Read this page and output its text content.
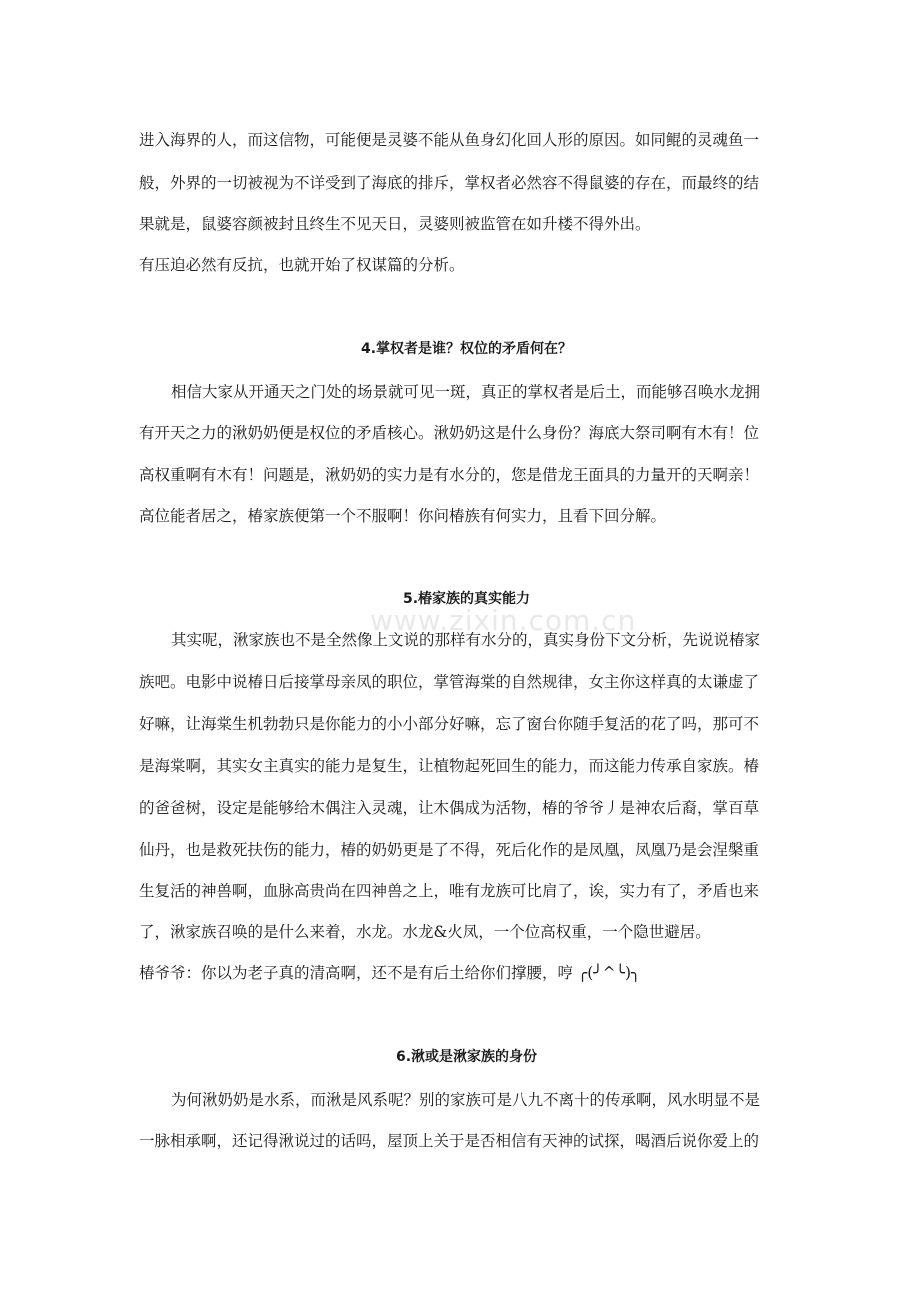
www.zixin.com.cn
进入海界的人，而这信物，可能便是灵婆不能从鱼身幻化回人形的原因。如同鲲的灵魂鱼一
般，外界的一切被视为不详受到了海底的排斥，掌权者必然容不得鼠婆的存在，而最终的结
果就是，鼠婆容颜被封且终生不见天日，灵婆则被监管在如升楼不得外出。
有压迫必然有反抗，也就开始了权谋篇的分析。
4.掌权者是谁？权位的矛盾何在？
相信大家从开通天之门处的场景就可见一斑，真正的掌权者是后土，而能够召唤水龙拥
有开天之力的湫奶奶便是权位的矛盾核心。湫奶奶这是什么身份？海底大祭司啊有木有！位
高权重啊有木有！问题是，湫奶奶的实力是有水分的，您是借龙王面具的力量开的天啊亲！
高位能者居之，椿家族便第一个不服啊！你问椿族有何实力，且看下回分解。
5.椿家族的真实能力
其实呢，湫家族也不是全然像上文说的那样有水分的，真实身份下文分析，先说说椿家
族吧。电影中说椿日后接掌母亲凤的职位，掌管海棠的自然规律，女主你这样真的太谦虚了
好嘛，让海棠生机勃勃只是你能力的小小部分好嘛，忘了窗台你随手复活的花了吗，那可不
是海棠啊，其实女主真实的能力是复生，让植物起死回生的能力，而这能力传承自家族。椿
的爸爸树，设定是能够给木偶注入灵魂，让木偶成为活物，椿的爷爷丿是神农后裔，掌百草
仙丹，也是救死扶伤的能力，椿的奶奶更是了不得，死后化作的是凤凰，凤凰乃是会涅槃重
生复活的神兽啊，血脉高贵尚在四神兽之上，唯有龙族可比肩了，诶，实力有了，矛盾也来
了，湫家族召唤的是什么来着，水龙。水龙&火凤，一个位高权重，一个隐世避居。
椿爷爷：你以为老子真的清高啊，还不是有后土给你们撑腰，哼 ╭(╯^╰)╮
6.湫或是湫家族的身份
为何湫奶奶是水系，而湫是风系呢？别的家族可是八九不离十的传承啊，风水明显不是
一脉相承啊，还记得湫说过的话吗，屋顶上关于是否相信有天神的试探，喝酒后说你爱上的
